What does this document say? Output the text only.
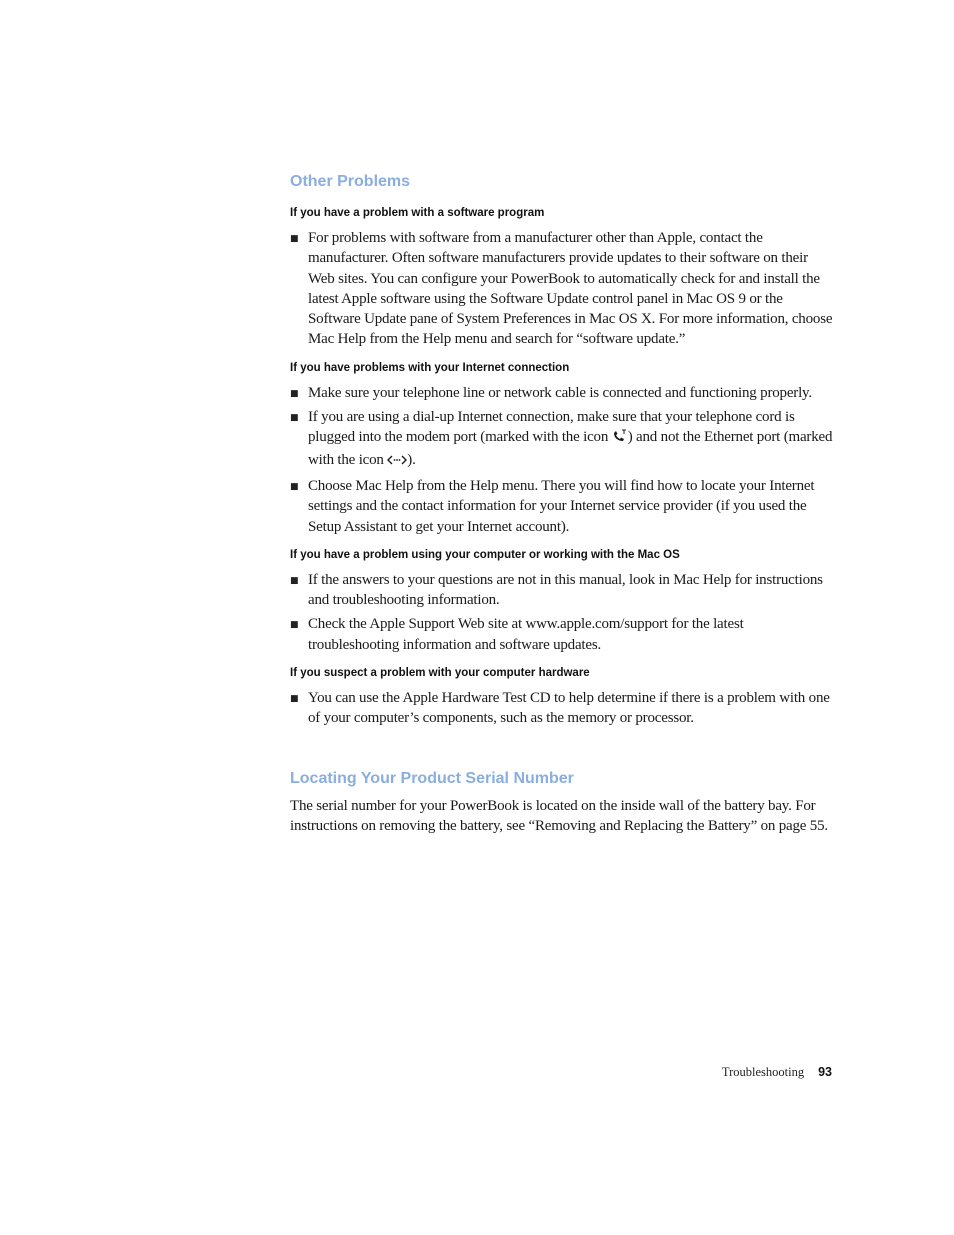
Other Problems
If you have a problem with a software program
■ For problems with software from a manufacturer other than Apple, contact the manufacturer. Often software manufacturers provide updates to their software on their Web sites. You can configure your PowerBook to automatically check for and install the latest Apple software using the Software Update control panel in Mac OS 9 or the Software Update pane of System Preferences in Mac OS X. For more information, choose Mac Help from the Help menu and search for “software update.”
If you have problems with your Internet connection
■ Make sure your telephone line or network cable is connected and functioning properly.
■ If you are using a dial-up Internet connection, make sure that your telephone cord is plugged into the modem port (marked with the icon ) and not the Ethernet port (marked with the icon ).
■ Choose Mac Help from the Help menu. There you will find how to locate your Internet settings and the contact information for your Internet service provider (if you used the Setup Assistant to get your Internet account).
If you have a problem using your computer or working with the Mac OS
■ If the answers to your questions are not in this manual, look in Mac Help for instructions and troubleshooting information.
■ Check the Apple Support Web site at www.apple.com/support for the latest troubleshooting information and software updates.
If you suspect a problem with your computer hardware
■ You can use the Apple Hardware Test CD to help determine if there is a problem with one of your computer’s components, such as the memory or processor.
Locating Your Product Serial Number

The serial number for your PowerBook is located on the inside wall of the battery bay. For instructions on removing the battery, see “Removing and Replacing the Battery” on page 55.

Troubleshooting 93
